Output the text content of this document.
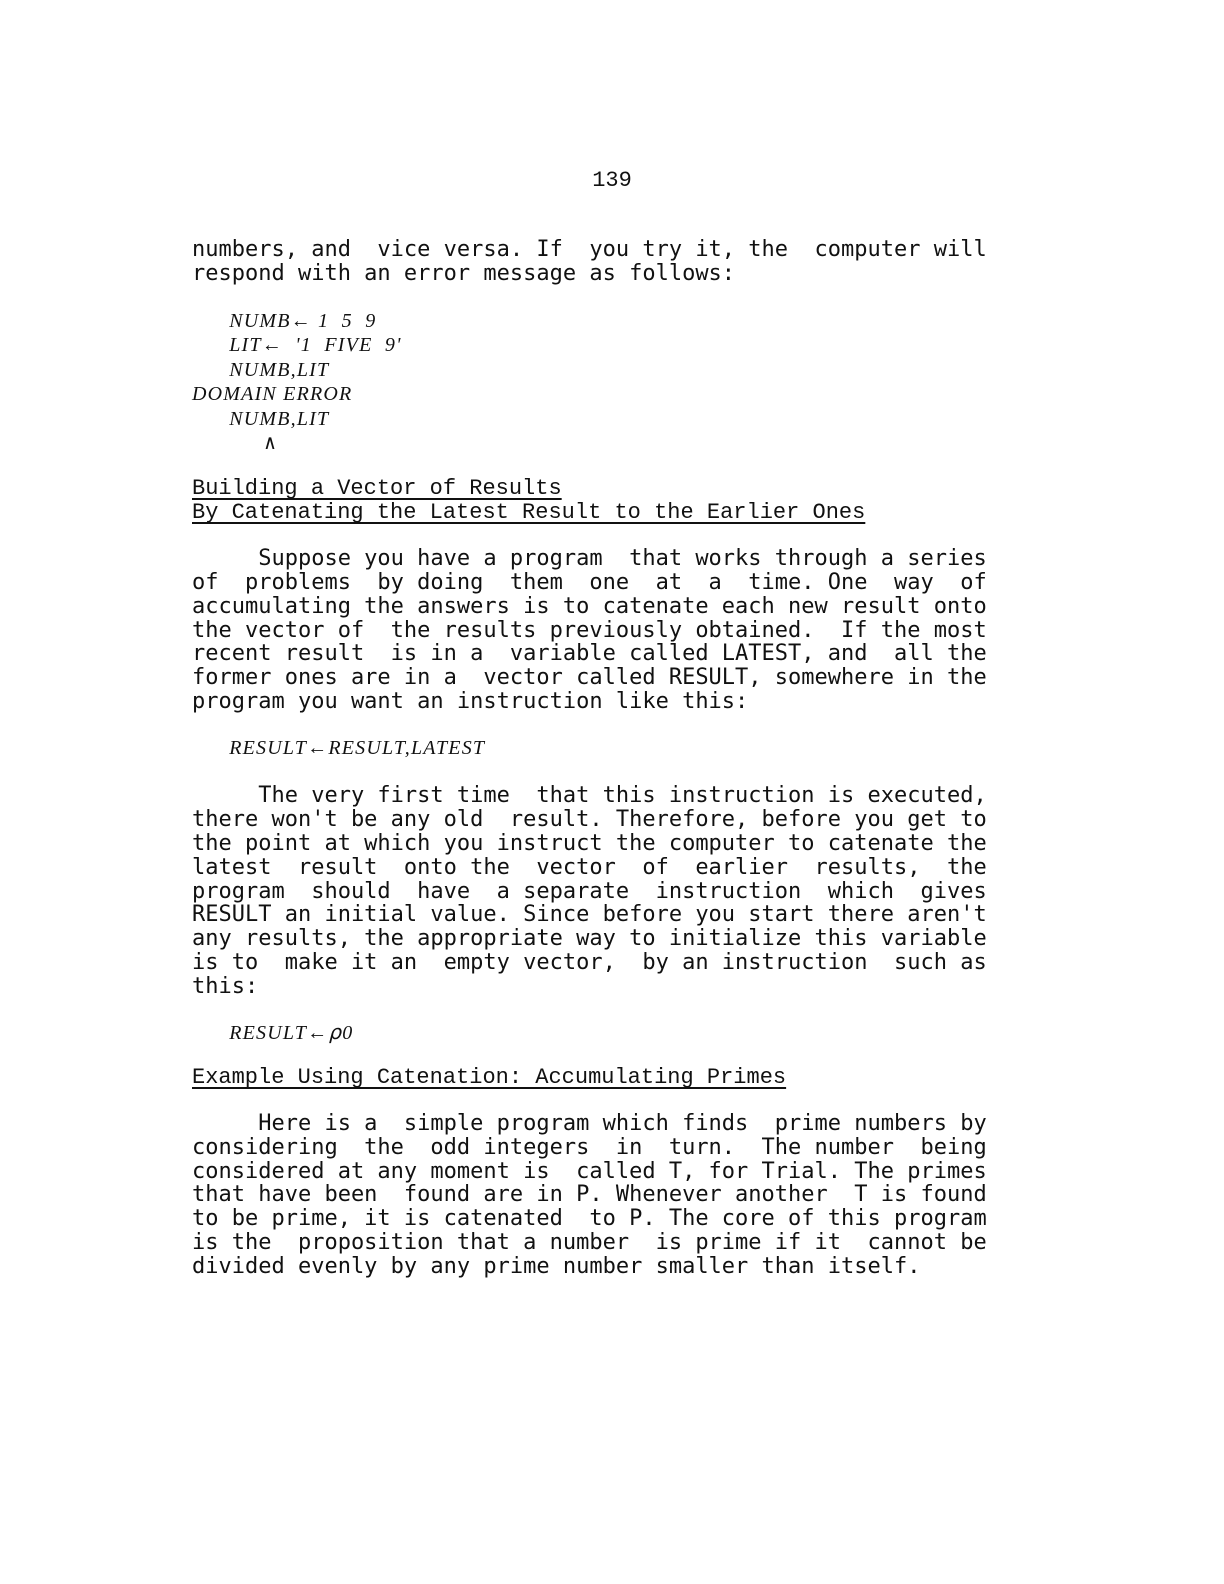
139
numbers, and  vice versa. If  you try it, the  computer will
respond with an error message as follows:
NUMB← 1  5  9
LIT←  '1  FIVE  9'
NUMB,LIT
DOMAIN ERROR
NUMB,LIT
∧
Building a Vector of Results
By Catenating the Latest Result to the Earlier Ones
Suppose you have a program  that works through a series
of  problems  by doing  them  one  at  a  time. One  way  of
accumulating the answers is to catenate each new result onto
the vector of  the results previously obtained.  If the most
recent result  is in a  variable called LATEST, and  all the
former ones are in a  vector called RESULT, somewhere in the
program you want an instruction like this:
RESULT←RESULT,LATEST
The very first time  that this instruction is executed,
there won't be any old  result. Therefore, before you get to
the point at which you instruct the computer to catenate the
latest  result  onto the  vector  of  earlier  results,  the
program  should  have  a separate  instruction  which  gives
RESULT an initial value. Since before you start there aren't
any results, the appropriate way to initialize this variable
is to  make it an  empty vector,  by an instruction  such as
this:
RESULT←⍴0
Example Using Catenation: Accumulating Primes
Here is a  simple program which finds  prime numbers by
considering  the  odd integers  in  turn.  The number  being
considered at any moment is  called T, for Trial. The primes
that have been  found are in P. Whenever another  T is found
to be prime, it is catenated  to P. The core of this program
is the  proposition that a number  is prime if it  cannot be
divided evenly by any prime number smaller than itself.
